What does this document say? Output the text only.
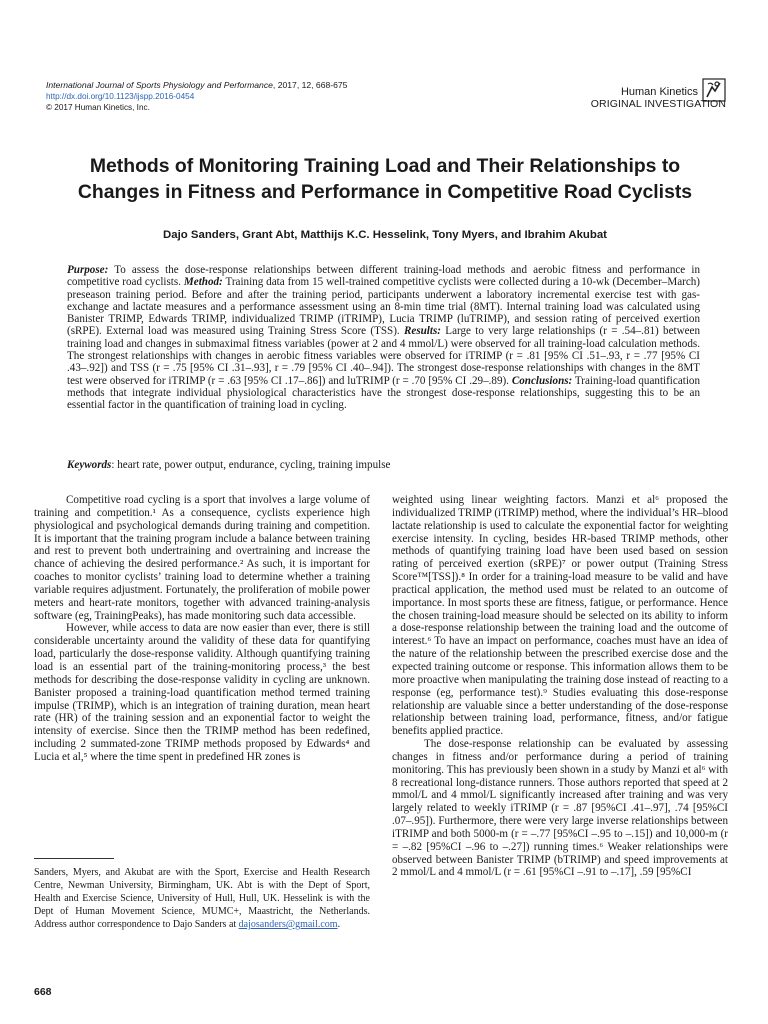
International Journal of Sports Physiology and Performance, 2017, 12, 668-675
http://dx.doi.org/10.1123/ijspp.2016-0454
© 2017 Human Kinetics, Inc.
Human Kinetics
ORIGINAL INVESTIGATION
Methods of Monitoring Training Load and Their Relationships to
Changes in Fitness and Performance in Competitive Road Cyclists
Dajo Sanders, Grant Abt, Matthijs K.C. Hesselink, Tony Myers, and Ibrahim Akubat
Purpose: To assess the dose-response relationships between different training-load methods and aerobic fitness and performance in competitive road cyclists. Method: Training data from 15 well-trained competitive cyclists were collected during a 10-wk (December–March) preseason training period. Before and after the training period, participants underwent a laboratory incremental exercise test with gas-exchange and lactate measures and a performance assessment using an 8-min time trial (8MT). Internal training load was calculated using Banister TRIMP, Edwards TRIMP, individualized TRIMP (iTRIMP), Lucia TRIMP (luTRIMP), and session rating of perceived exertion (sRPE). External load was measured using Training Stress Score (TSS). Results: Large to very large relationships (r = .54–.81) between training load and changes in submaximal fitness variables (power at 2 and 4 mmol/L) were observed for all training-load calculation methods. The strongest relationships with changes in aerobic fitness variables were observed for iTRIMP (r = .81 [95% CI .51–.93, r = .77 [95% CI .43–.92]) and TSS (r = .75 [95% CI .31–.93], r = .79 [95% CI .40–.94]). The strongest dose-response relationships with changes in the 8MT test were observed for iTRIMP (r = .63 [95% CI .17–.86]) and luTRIMP (r = .70 [95% CI .29–.89). Conclusions: Training-load quantification methods that integrate individual physiological characteristics have the strongest dose-response relationships, suggesting this to be an essential factor in the quantification of training load in cycling.
Keywords: heart rate, power output, endurance, cycling, training impulse

Competitive road cycling is a sport that involves a large volume of training and competition.¹ As a consequence, cyclists experience high physiological and psychological demands during training and competition. It is important that the training program include a balance between training and rest to prevent both undertraining and overtraining and increase the chance of achieving the desired performance.² As such, it is important for coaches to monitor cyclists’ training load to determine whether a training variable requires adjustment. Fortunately, the proliferation of mobile power meters and heart-rate monitors, together with advanced training-analysis software (eg, TrainingPeaks), has made monitoring such data accessible.

However, while access to data are now easier than ever, there is still considerable uncertainty around the validity of these data for quantifying load, particularly the dose-response validity. Although quantifying training load is an essential part of the training-monitoring process,³ the best methods for describing the dose-response validity in cycling are unknown. Banister proposed a training-load quantification method termed training impulse (TRIMP), which is an integration of training duration, mean heart rate (HR) of the training session and an exponential factor to weight the intensity of exercise. Since then the TRIMP method has been redefined, including 2 summated-zone TRIMP methods proposed by Edwards⁴ and Lucia et al,⁵ where the time spent in predefined HR zones is

weighted using linear weighting factors. Manzi et al⁶ proposed the individualized TRIMP (iTRIMP) method, where the individual’s HR–blood lactate relationship is used to calculate the exponential factor for weighting exercise intensity. In cycling, besides HR-based TRIMP methods, other methods of quantifying training load have been used based on session rating of perceived exertion (sRPE)⁷ or power output (Training Stress Score™[TSS]).⁸ In order for a training-load measure to be valid and have practical application, the method used must be related to an outcome of importance. In most sports these are fitness, fatigue, or performance. Hence the chosen training-load measure should be selected on its ability to inform a dose-response relationship between the training load and the outcome of interest.⁶ To have an impact on performance, coaches must have an idea of the nature of the relationship between the prescribed exercise dose and the expected training outcome or response. This information allows them to be more proactive when manipulating the training dose instead of reacting to a response (eg, performance test).⁹ Studies evaluating this dose-response relationship are valuable since a better understanding of the dose-response relationship between training load, performance, fitness, and/or fatigue benefits applied practice.

The dose-response relationship can be evaluated by assessing changes in fitness and/or performance during a period of training monitoring. This has previously been shown in a study by Manzi et al⁶ with 8 recreational long-distance runners. Those authors reported that speed at 2 mmol/L and 4 mmol/L significantly increased after training and was very largely related to weekly iTRIMP (r = .87 [95%CI .41–.97], .74 [95%CI .07–.95]). Furthermore, there were very large inverse relationships between iTRIMP and both 5000-m (r = –.77 [95%CI –.95 to –.15]) and 10,000-m (r = –.82 [95%CI –.96 to –.27]) running times.⁶ Weaker relationships were observed between Banister TRIMP (bTRIMP) and speed improvements at 2 mmol/L and 4 mmol/L (r = .61 [95%CI –.91 to –.17], .59 [95%CI

Sanders, Myers, and Akubat are with the Sport, Exercise and Health Research Centre, Newman University, Birmingham, UK. Abt is with the Dept of Sport, Health and Exercise Science, University of Hull, Hull, UK. Hesselink is with the Dept of Human Movement Science, MUMC+, Maastricht, the Netherlands. Address author correspondence to Dajo Sanders at dajosanders@gmail.com.

668
